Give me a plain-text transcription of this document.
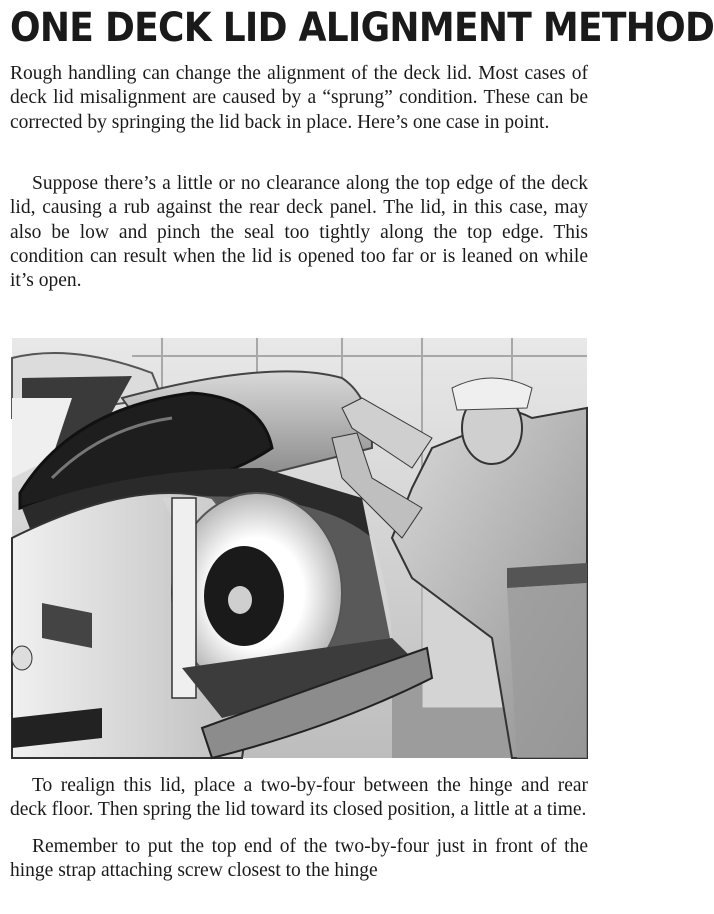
ONE DECK LID ALIGNMENT METHOD

Rough handling can change the alignment of the deck lid. Most cases of deck lid misalignment are caused by a “sprung” condition. These can be corrected by springing the lid back in place. Here’s one case in point.

Suppose there’s a little or no clearance along the top edge of the deck lid, causing a rub against the rear deck panel. The lid, in this case, may also be low and pinch the seal too tightly along the top edge. This condition can result when the lid is opened too far or is leaned on while it’s open.

To realign this lid, place a two-by-four between the hinge and rear deck floor. Then spring the lid toward its closed position, a little at a time.

Remember to put the top end of the two-by-four just in front of the hinge strap attaching screw closest to the hinge
